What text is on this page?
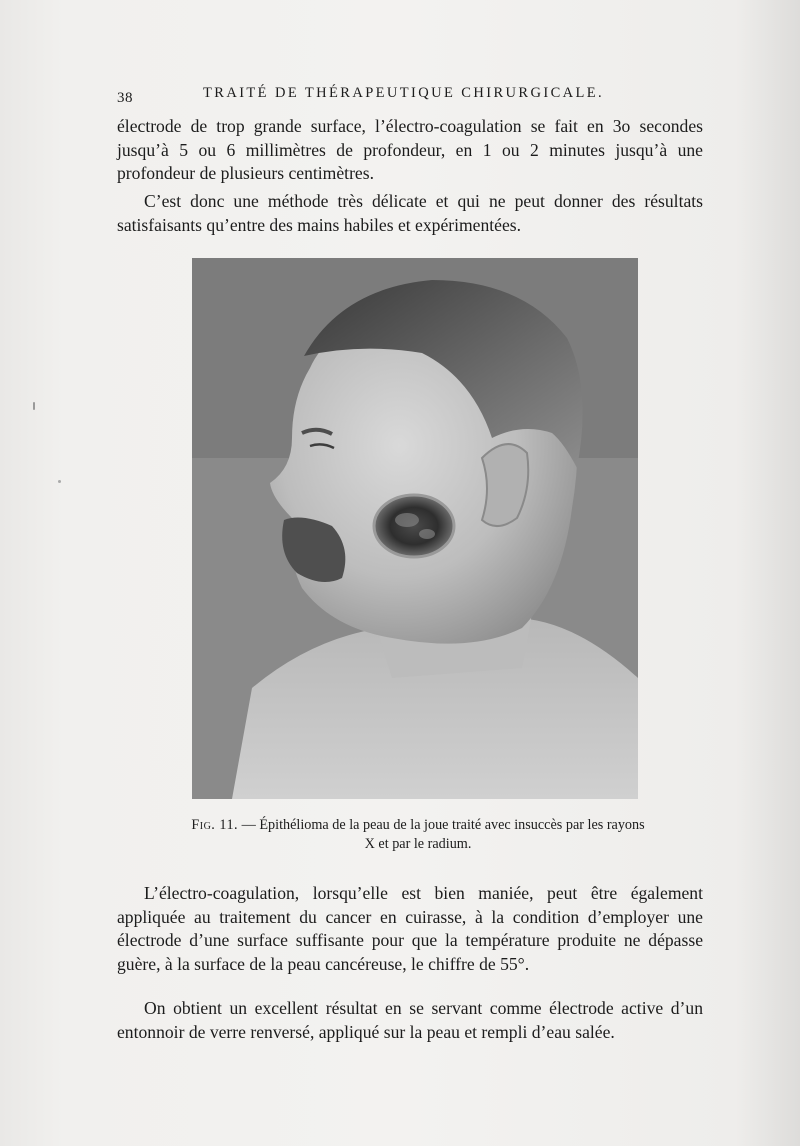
38	TRAITÉ DE THÉRAPEUTIQUE CHIRURGICALE.

électrode de trop grande surface, l’électro-coagulation se fait en 3o secondes jusqu’à 5 ou 6 millimètres de profondeur, en 1 ou 2 minutes jusqu’à une profondeur de plusieurs centimètres.

C’est donc une méthode très délicate et qui ne peut donner des résultats satisfaisants qu’entre des mains habiles et expérimentées.

Fig. 11. — Épithélioma de la peau de la joue traité avec insuccès par les rayons X et par le radium.

L’électro-coagulation, lorsqu’elle est bien maniée, peut être également appliquée au traitement du cancer en cuirasse, à la condition d’employer une électrode d’une surface suffisante pour que la température produite ne dépasse guère, à la surface de la peau cancéreuse, le chiffre de 55°.

On obtient un excellent résultat en se servant comme électrode active d’un entonnoir de verre renversé, appliqué sur la peau et rempli d’eau salée.
